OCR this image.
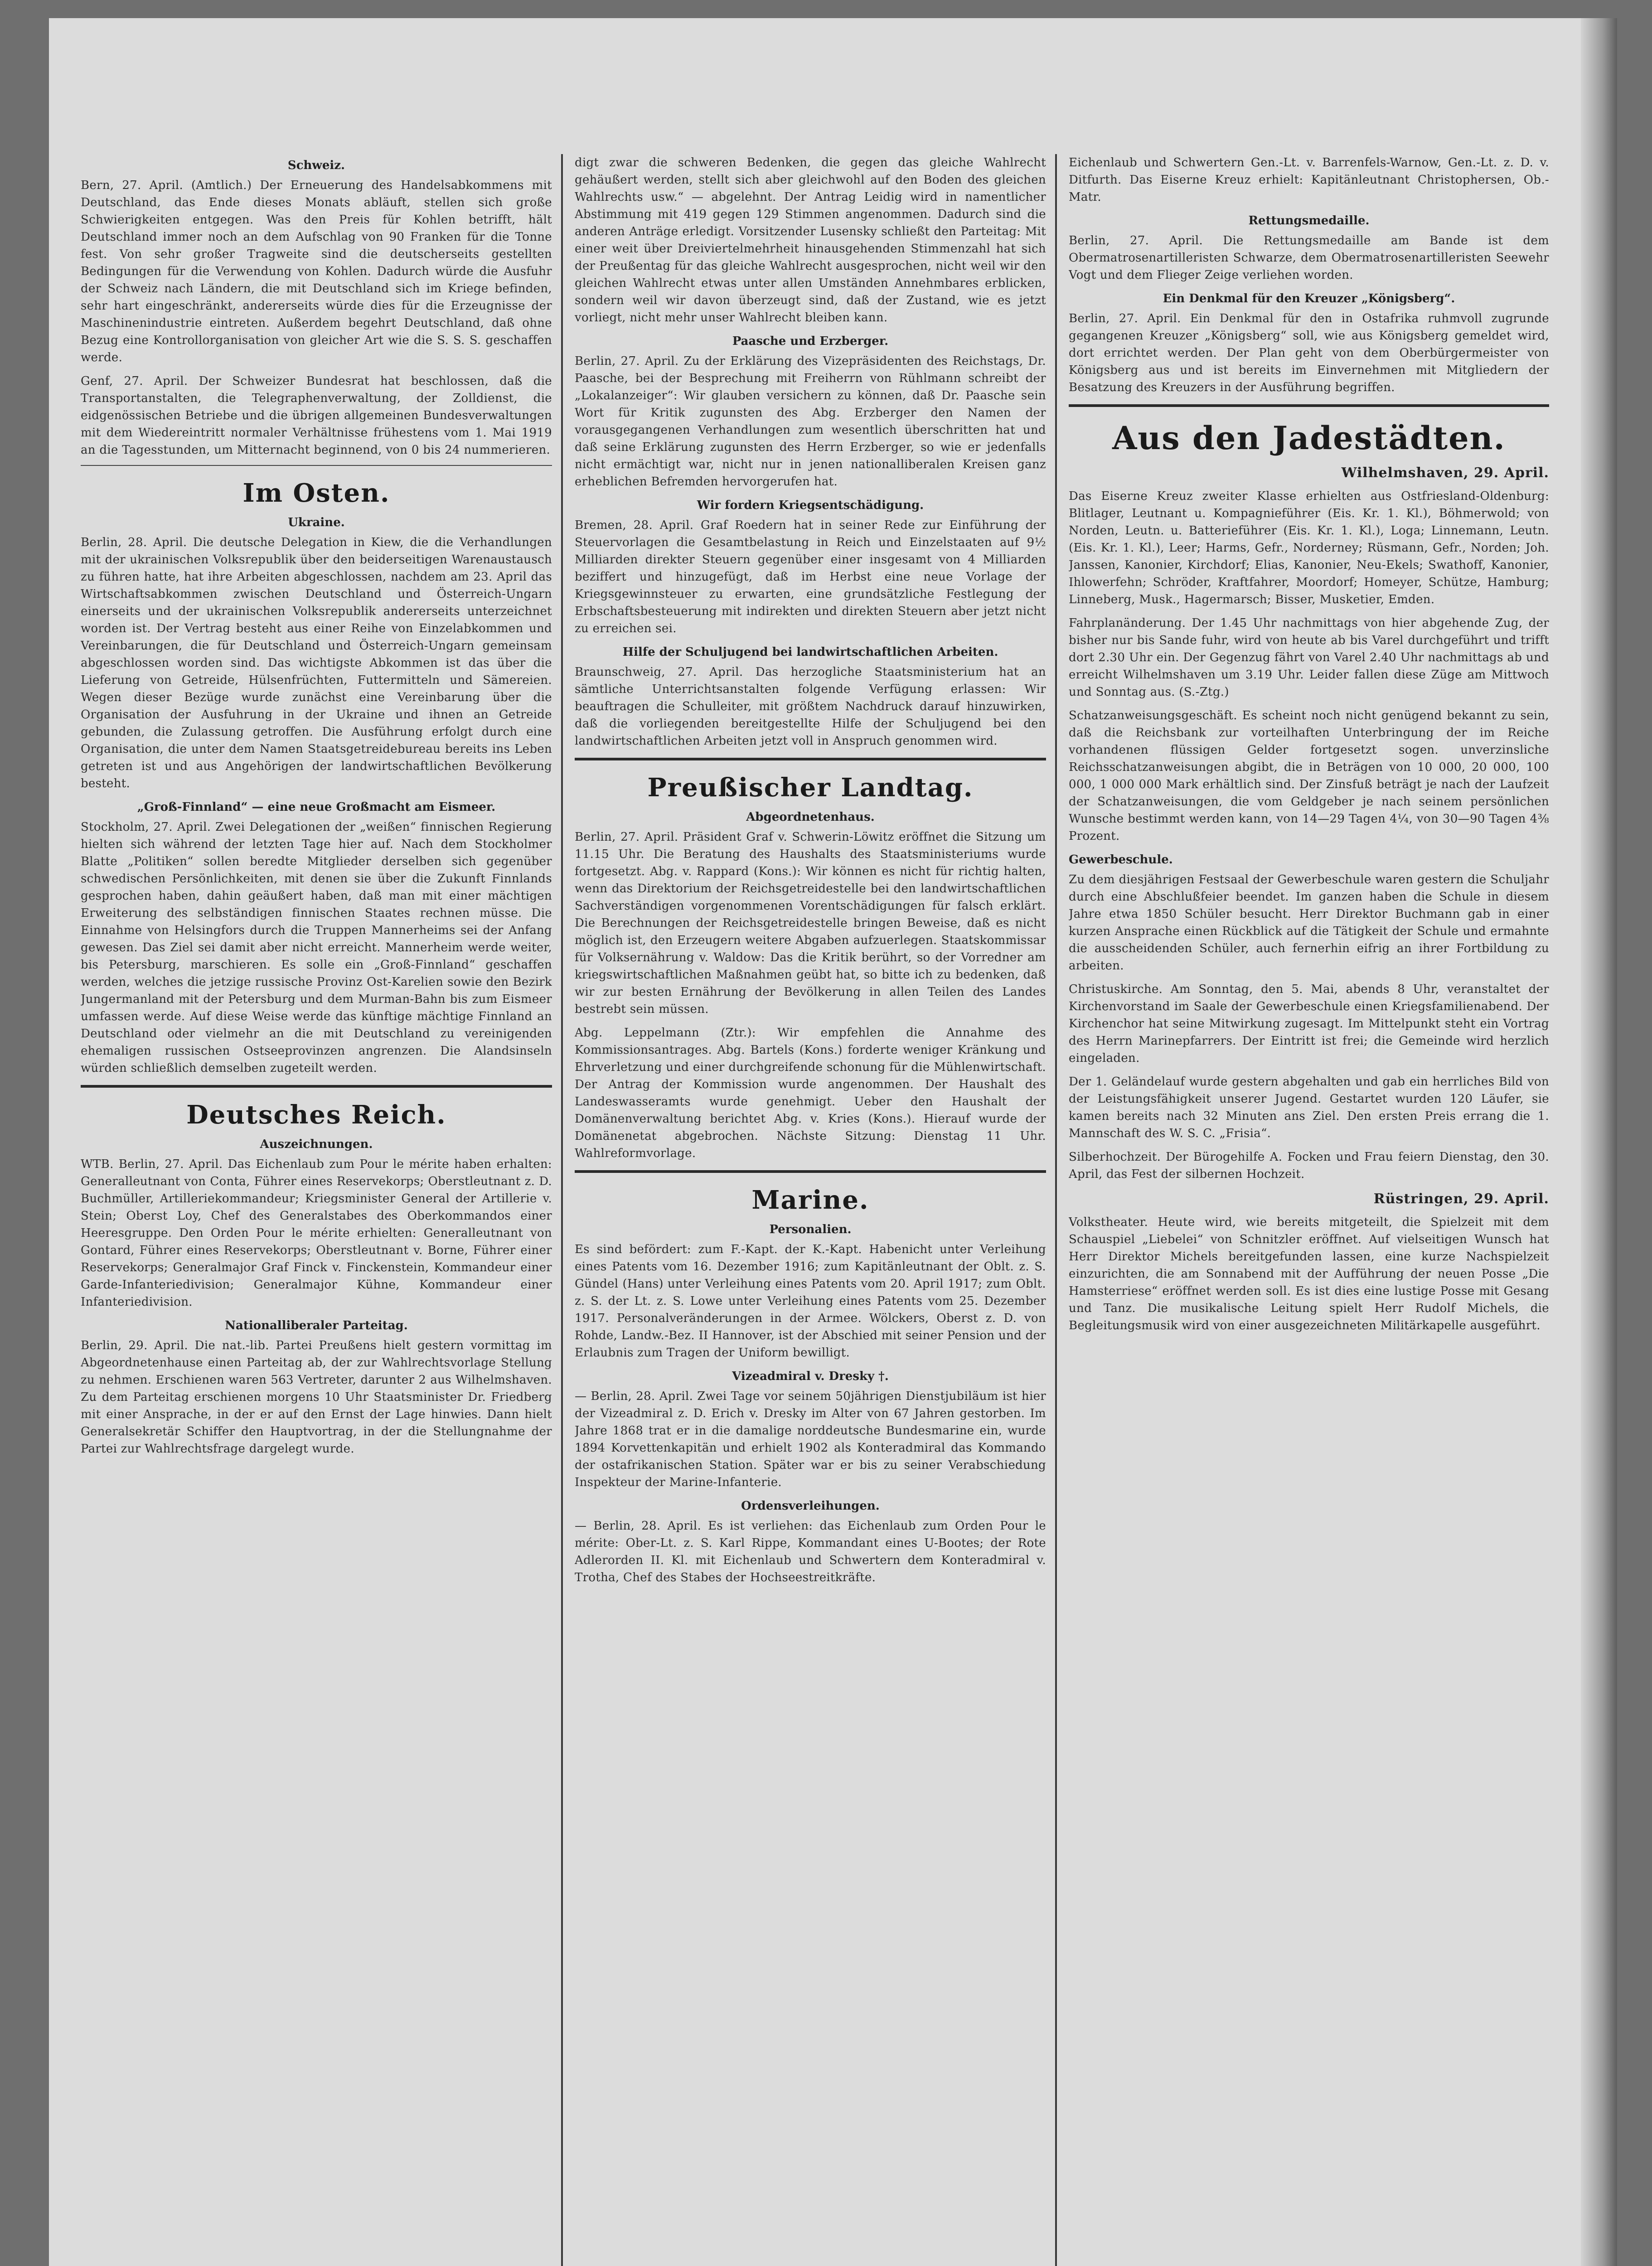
Schweiz.

Bern, 27. April. (Amtlich.) Der Erneuerung des Handelsabkommens mit Deutschland, das Ende dieses Monats abläuft, stellen sich große Schwierigkeiten entgegen. Was den Preis für Kohlen betrifft, hält Deutschland immer noch an dem Aufschlag von 90 Franken für die Tonne fest. Von sehr großer Tragweite sind die deutscherseits gestellten Bedingungen für die Verwendung von Kohlen. Dadurch würde die Ausfuhr der Schweiz nach Ländern, die mit Deutschland sich im Kriege befinden, sehr hart eingeschränkt, andererseits würde dies für die Erzeugnisse der Maschinenindustrie eintreten. Außerdem begehrt Deutschland, daß ohne Bezug eine Kontrollorganisation von gleicher Art wie die S. S. S. geschaffen werde.

Genf, 27. April. Der Schweizer Bundesrat hat beschlossen, daß die Transportanstalten, die Telegraphenverwaltung, der Zolldienst, die eidgenössischen Betriebe und die übrigen allgemeinen Bundesverwaltungen mit dem Wiedereintritt normaler Verhältnisse frühestens vom 1. Mai 1919 an die Tagesstunden, um Mitternacht beginnend, von 0 bis 24 nummerieren.

Im Osten.
Ukraine.

Berlin, 28. April. Die deutsche Delegation in Kiew, die die Verhandlungen mit der ukrainischen Volksrepublik über den beiderseitigen Warenaustausch zu führen hatte, hat ihre Arbeiten abgeschlossen, nachdem am 23. April das Wirtschaftsabkommen zwischen Deutschland und Österreich-Ungarn einerseits und der ukrainischen Volksrepublik andererseits unterzeichnet worden ist. Der Vertrag besteht aus einer Reihe von Einzelabkommen und Vereinbarungen, die für Deutschland und Österreich-Ungarn gemeinsam abgeschlossen worden sind. Das wichtigste Abkommen ist das über die Lieferung von Getreide, Hülsenfrüchten, Futtermitteln und Sämereien. Wegen dieser Bezüge wurde zunächst eine Vereinbarung über die Organisation der Ausfuhrung in der Ukraine und ihnen an Getreide gebunden, die Zulassung getroffen. Die Ausführung erfolgt durch eine Organisation, die unter dem Namen Staatsgetreidebureau bereits ins Leben getreten ist und aus Angehörigen der landwirtschaftlichen Bevölkerung besteht.

„Groß-Finnland“ — eine neue Großmacht am Eismeer.

Stockholm, 27. April. Zwei Delegationen der „weißen“ finnischen Regierung hielten sich während der letzten Tage hier auf. Nach dem Stockholmer Blatte „Politiken“ sollen beredte Mitglieder derselben sich gegenüber schwedischen Persönlichkeiten, mit denen sie über die Zukunft Finnlands gesprochen haben, dahin geäußert haben, daß man mit einer mächtigen Erweiterung des selbständigen finnischen Staates rechnen müsse. Die Einnahme von Helsingfors durch die Truppen Mannerheims sei der Anfang gewesen. Das Ziel sei damit aber nicht erreicht. Mannerheim werde weiter, bis Petersburg, marschieren. Es solle ein „Groß-Finnland“ geschaffen werden, welches die jetzige russische Provinz Ost-Karelien sowie den Bezirk Jungermanland mit der Petersburg und dem Murman-Bahn bis zum Eismeer umfassen werde. Auf diese Weise werde das künftige mächtige Finnland an Deutschland oder vielmehr an die mit Deutschland zu vereinigenden ehemaligen russischen Ostseeprovinzen angrenzen. Die Alandsinseln würden schließlich demselben zugeteilt werden.

Deutsches Reich.
Auszeichnungen.

WTB. Berlin, 27. April. Das Eichenlaub zum Pour le mérite haben erhalten: Generalleutnant von Conta, Führer eines Reservekorps; Oberstleutnant z. D. Buchmüller, Artilleriekommandeur; Kriegsminister General der Artillerie v. Stein; Oberst Loy, Chef des Generalstabes des Oberkommandos einer Heeresgruppe. Den Orden Pour le mérite erhielten: Generalleutnant von Gontard, Führer eines Reservekorps; Oberstleutnant v. Borne, Führer einer Reservekorps; Generalmajor Graf Finck v. Finckenstein, Kommandeur einer Garde-Infanteriedivision; Generalmajor Kühne, Kommandeur einer Infanteriedivision.

Nationalliberaler Parteitag.

Berlin, 29. April. Die nat.-lib. Partei Preußens hielt gestern vormittag im Abgeordnetenhause einen Parteitag ab, der zur Wahlrechtsvorlage Stellung zu nehmen. Erschienen waren 563 Vertreter, darunter 2 aus Wilhelmshaven. Zu dem Parteitag erschienen morgens 10 Uhr Staatsminister Dr. Friedberg mit einer Ansprache, in der er auf den Ernst der Lage hinwies. Dann hielt Generalsekretär Schiffer den Hauptvortrag, in der die Stellungnahme der Partei zur Wahlrechtsfrage dargelegt wurde.

digt zwar die schweren Bedenken, die gegen das gleiche Wahlrecht gehäußert werden, stellt sich aber gleichwohl auf den Boden des gleichen Wahlrechts usw.“ — abgelehnt. Der Antrag Leidig wird in namentlicher Abstimmung mit 419 gegen 129 Stimmen angenommen. Dadurch sind die anderen Anträge erledigt. Vorsitzender Lusensky schließt den Parteitag: Mit einer weit über Dreiviertelmehrheit hinausgehenden Stimmenzahl hat sich der Preußentag für das gleiche Wahlrecht ausgesprochen, nicht weil wir den gleichen Wahlrecht etwas unter allen Umständen Annehmbares erblicken, sondern weil wir davon überzeugt sind, daß der Zustand, wie es jetzt vorliegt, nicht mehr unser Wahlrecht bleiben kann.

Paasche und Erzberger.

Berlin, 27. April. Zu der Erklärung des Vizepräsidenten des Reichstags, Dr. Paasche, bei der Besprechung mit Freiherrn von Rühlmann schreibt der „Lokalanzeiger“: Wir glauben versichern zu können, daß Dr. Paasche sein Wort für Kritik zugunsten des Abg. Erzberger den Namen der vorausgegangenen Verhandlungen zum wesentlich überschritten hat und daß seine Erklärung zugunsten des Herrn Erzberger, so wie er jedenfalls nicht ermächtigt war, nicht nur in jenen nationalliberalen Kreisen ganz erheblichen Befremden hervorgerufen hat.

Wir fordern Kriegsentschädigung.

Bremen, 28. April. Graf Roedern hat in seiner Rede zur Einführung der Steuervorlagen die Gesamtbelastung in Reich und Einzelstaaten auf 9½ Milliarden direkter Steuern gegenüber einer insgesamt von 4 Milliarden beziffert und hinzugefügt, daß im Herbst eine neue Vorlage der Kriegsgewinnsteuer zu erwarten, eine grundsätzliche Festlegung der Erbschaftsbesteuerung mit indirekten und direkten Steuern aber jetzt nicht zu erreichen sei.

Hilfe der Schuljugend bei landwirtschaftlichen Arbeiten.

Braunschweig, 27. April. Das herzogliche Staatsministerium hat an sämtliche Unterrichtsanstalten folgende Verfügung erlassen: Wir beauftragen die Schulleiter, mit größtem Nachdruck darauf hinzuwirken, daß die vorliegenden bereitgestellte Hilfe der Schuljugend bei den landwirtschaftlichen Arbeiten jetzt voll in Anspruch genommen wird.

Preußischer Landtag.
Abgeordnetenhaus.

Berlin, 27. April. Präsident Graf v. Schwerin-Löwitz eröffnet die Sitzung um 11.15 Uhr. Die Beratung des Haushalts des Staatsministeriums wurde fortgesetzt. Abg. v. Rappard (Kons.): Wir können es nicht für richtig halten, wenn das Direktorium der Reichsgetreidestelle bei den landwirtschaftlichen Sachverständigen vorgenommenen Vorentschädigungen für falsch erklärt. Die Berechnungen der Reichsgetreidestelle bringen Beweise, daß es nicht möglich ist, den Erzeugern weitere Abgaben aufzuerlegen. Staatskommissar für Volksernährung v. Waldow: Das die Kritik berührt, so der Vorredner am kriegswirtschaftlichen Maßnahmen geübt hat, so bitte ich zu bedenken, daß wir zur besten Ernährung der Bevölkerung in allen Teilen des Landes bestrebt sein müssen.

Abg. Leppelmann (Ztr.): Wir empfehlen die Annahme des Kommissionsantrages. Abg. Bartels (Kons.) forderte weniger Kränkung und Ehrverletzung und einer durchgreifende schonung für die Mühlenwirtschaft. Der Antrag der Kommission wurde angenommen. Der Haushalt des Landeswasseramts wurde genehmigt. Ueber den Haushalt der Domänenverwaltung berichtet Abg. v. Kries (Kons.). Hierauf wurde der Domänenetat abgebrochen. Nächste Sitzung: Dienstag 11 Uhr. Wahlreformvorlage.

Marine.
Personalien.

Es sind befördert: zum F.-Kapt. der K.-Kapt. Habenicht unter Verleihung eines Patents vom 16. Dezember 1916; zum Kapitänleutnant der Oblt. z. S. Gündel (Hans) unter Verleihung eines Patents vom 20. April 1917; zum Oblt. z. S. der Lt. z. S. Lowe unter Verleihung eines Patents vom 25. Dezember 1917. Personalveränderungen in der Armee. Wölckers, Oberst z. D. von Rohde, Landw.-Bez. II Hannover, ist der Abschied mit seiner Pension und der Erlaubnis zum Tragen der Uniform bewilligt.

Vizeadmiral v. Dresky †.

— Berlin, 28. April. Zwei Tage vor seinem 50jährigen Dienstjubiläum ist hier der Vizeadmiral z. D. Erich v. Dresky im Alter von 67 Jahren gestorben. Im Jahre 1868 trat er in die damalige norddeutsche Bundesmarine ein, wurde 1894 Korvettenkapitän und erhielt 1902 als Konteradmiral das Kommando der ostafrikanischen Station. Später war er bis zu seiner Verabschiedung Inspekteur der Marine-Infanterie.

Ordensverleihungen.

— Berlin, 28. April. Es ist verliehen: das Eichenlaub zum Orden Pour le mérite: Ober-Lt. z. S. Karl Rippe, Kommandant eines U-Bootes; der Rote Adlerorden II. Kl. mit Eichenlaub und Schwertern dem Konteradmiral v. Trotha, Chef des Stabes der Hochseestreitkräfte.

Eichenlaub und Schwertern Gen.-Lt. v. Barrenfels-Warnow, Gen.-Lt. z. D. v. Ditfurth. Das Eiserne Kreuz erhielt: Kapitänleutnant Christophersen, Ob.-Matr.

Rettungsmedaille.

Berlin, 27. April. Die Rettungsmedaille am Bande ist dem Obermatrosenartilleristen Schwarze, dem Obermatrosenartilleristen Seewehr Vogt und dem Flieger Zeige verliehen worden.

Ein Denkmal für den Kreuzer „Königsberg“.

Berlin, 27. April. Ein Denkmal für den in Ostafrika ruhmvoll zugrunde gegangenen Kreuzer „Königsberg“ soll, wie aus Königsberg gemeldet wird, dort errichtet werden. Der Plan geht von dem Oberbürgermeister von Königsberg aus und ist bereits im Einvernehmen mit Mitgliedern der Besatzung des Kreuzers in der Ausführung begriffen.

Aus den Jadestädten.
Wilhelmshaven, 29. April.

Das Eiserne Kreuz zweiter Klasse erhielten aus Ostfriesland-Oldenburg: Blitlager, Leutnant u. Kompagnieführer (Eis. Kr. 1. Kl.), Böhmerwold; von Norden, Leutn. u. Batterieführer (Eis. Kr. 1. Kl.), Loga; Linnemann, Leutn. (Eis. Kr. 1. Kl.), Leer; Harms, Gefr., Norderney; Rüsmann, Gefr., Norden; Joh. Janssen, Kanonier, Kirchdorf; Elias, Kanonier, Neu-Ekels; Swathoff, Kanonier, Ihlowerfehn; Schröder, Kraftfahrer, Moordorf; Homeyer, Schütze, Hamburg; Linneberg, Musk., Hagermarsch; Bisser, Musketier, Emden.

Fahrplanänderung. Der 1.45 Uhr nachmittags von hier abgehende Zug, der bisher nur bis Sande fuhr, wird von heute ab bis Varel durchgeführt und trifft dort 2.30 Uhr ein. Der Gegenzug fährt von Varel 2.40 Uhr nachmittags ab und erreicht Wilhelmshaven um 3.19 Uhr. Leider fallen diese Züge am Mittwoch und Sonntag aus. (S.-Ztg.)

Schatzanweisungsgeschäft. Es scheint noch nicht genügend bekannt zu sein, daß die Reichsbank zur vorteilhaften Unterbringung der im Reiche vorhandenen flüssigen Gelder fortgesetzt sogen. unverzinsliche Reichsschatzanweisungen abgibt, die in Beträgen von 10 000, 20 000, 100 000, 1 000 000 Mark erhältlich sind. Der Zinsfuß beträgt je nach der Laufzeit der Schatzanweisungen, die vom Geldgeber je nach seinem persönlichen Wunsche bestimmt werden kann, von 14—29 Tagen 4¼, von 30—90 Tagen 4⅜ Prozent.

Gewerbeschule.

Zu dem diesjährigen Festsaal der Gewerbeschule waren gestern die Schuljahr durch eine Abschlußfeier beendet. Im ganzen haben die Schule in diesem Jahre etwa 1850 Schüler besucht. Herr Direktor Buchmann gab in einer kurzen Ansprache einen Rückblick auf die Tätigkeit der Schule und ermahnte die ausscheidenden Schüler, auch fernerhin eifrig an ihrer Fortbildung zu arbeiten.

Christuskirche. Am Sonntag, den 5. Mai, abends 8 Uhr, veranstaltet der Kirchenvorstand im Saale der Gewerbeschule einen Kriegsfamilienabend. Der Kirchenchor hat seine Mitwirkung zugesagt. Im Mittelpunkt steht ein Vortrag des Herrn Marinepfarrers. Der Eintritt ist frei; die Gemeinde wird herzlich eingeladen.

Der 1. Geländelauf wurde gestern abgehalten und gab ein herrliches Bild von der Leistungsfähigkeit unserer Jugend. Gestartet wurden 120 Läufer, sie kamen bereits nach 32 Minuten ans Ziel. Den ersten Preis errang die 1. Mannschaft des W. S. C. „Frisia“.

Silberhochzeit. Der Bürogehilfe A. Focken und Frau feiern Dienstag, den 30. April, das Fest der silbernen Hochzeit.

Rüstringen, 29. April.

Volkstheater. Heute wird, wie bereits mitgeteilt, die Spielzeit mit dem Schauspiel „Liebelei“ von Schnitzler eröffnet. Auf vielseitigen Wunsch hat Herr Direktor Michels bereitgefunden lassen, eine kurze Nachspielzeit einzurichten, die am Sonnabend mit der Aufführung der neuen Posse „Die Hamsterriese“ eröffnet werden soll. Es ist dies eine lustige Posse mit Gesang und Tanz. Die musikalische Leitung spielt Herr Rudolf Michels, die Begleitungsmusik wird von einer ausgezeichneten Militärkapelle ausgeführt.
